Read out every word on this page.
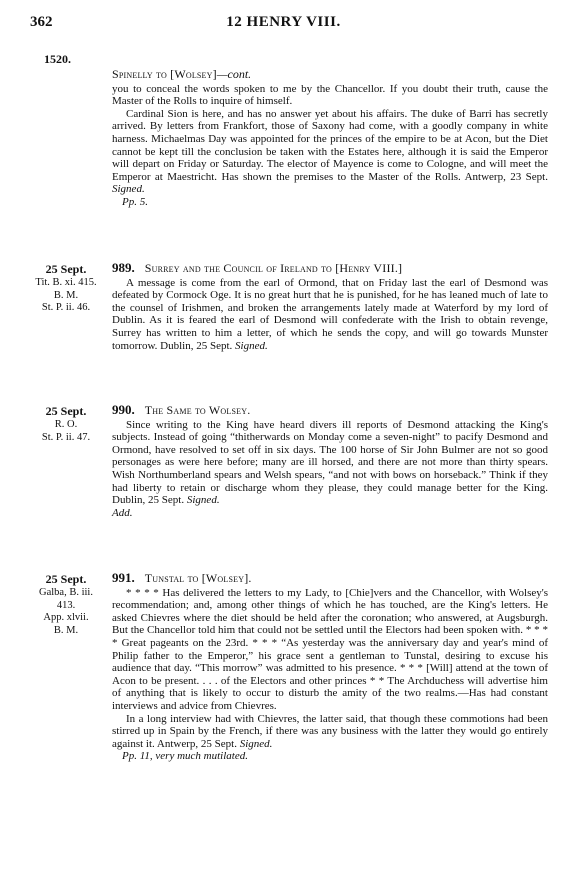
362	12 HENRY VIII.
1520.
Spinelly to [Wolsey]—cont.

you to conceal the words spoken to me by the Chancellor. If you doubt their truth, cause the Master of the Rolls to inquire of himself.

Cardinal Sion is here, and has no answer yet about his affairs. The duke of Barri has secretly arrived. By letters from Frankfort, those of Saxony had come, with a goodly company in white harness. Michaelmas Day was appointed for the princes of the empire to be at Acon, but the Diet cannot be kept till the conclusion be taken with the Estates here, although it is said the Emperor will depart on Friday or Saturday. The elector of Mayence is come to Cologne, and will meet the Emperor at Maestricht. Has shown the premises to the Master of the Rolls. Antwerp, 23 Sept. Signed.

Pp. 5.
25 Sept.
Tit. B. xi. 415.
B. M.
St. P. ii. 46.
989. Surrey and the Council of Ireland to [Henry VIII.]

A message is come from the earl of Ormond, that on Friday last the earl of Desmond was defeated by Cormock Oge. It is no great hurt that he is punished, for he has leaned much of late to the counsel of Irishmen, and broken the arrangements lately made at Waterford by my lord of Dublin. As it is feared the earl of Desmond will confederate with the Irish to obtain revenge, Surrey has written to him a letter, of which he sends the copy, and will go towards Munster tomorrow. Dublin, 25 Sept. Signed.

25 Sept.
R. O.
St. P. ii. 47.
990. The Same to Wolsey.

Since writing to the King have heard divers ill reports of Desmond attacking the King's subjects. Instead of going “thitherwards on Monday come a seven-night” to pacify Desmond and Ormond, have resolved to set off in six days. The 100 horse of Sir John Bulmer are not so good personages as were here before; many are ill horsed, and there are not more than thirty spears. Wish Northumberland spears and Welsh spears, “and not with bows on horseback.” Think if they had liberty to retain or discharge whom they please, they could manage better for the King. Dublin, 25 Sept. Signed.

Add.
25 Sept.
Galba, B. iii. 413.
App. xlvii.
B. M.
991. Tunstal to [Wolsey].

* * * * Has delivered the letters to my Lady, to [Chie]vers and the Chancellor, with Wolsey's recommendation; and, among other things of which he has touched, are the King's letters. He asked Chievres where the diet should be held after the coronation; who answered, at Augsburgh. But the Chancellor told him that could not be settled until the Electors had been spoken with. * * * * Great pageants on the 23rd. * * * “As yesterday was the anniversary day and year's mind of Philip father to the Emperor,” his grace sent a gentleman to Tunstal, desiring to excuse his audience that day. “This morrow” was admitted to his presence. * * * [Will] attend at the town of Acon to be present. . . . of the Electors and other princes * * The Archduchess will advertise him of anything that is likely to occur to disturb the amity of the two realms.—Has had constant interviews and advice from Chievres.

In a long interview had with Chievres, the latter said, that though these commotions had been stirred up in Spain by the French, if there was any business with the latter they would go entirely against it. Antwerp, 25 Sept. Signed.

Pp. 11, very much mutilated.
